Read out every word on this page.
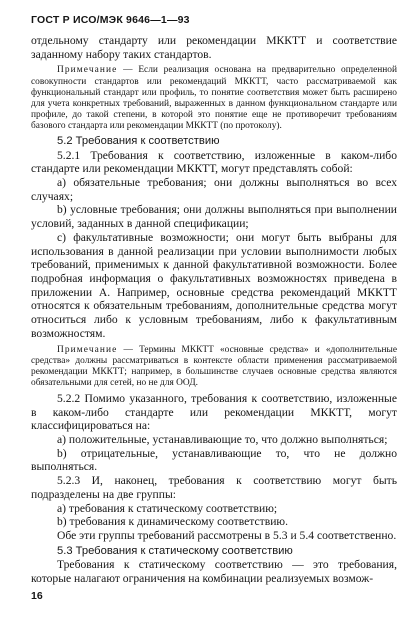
ГОСТ Р ИСО/МЭК 9646—1—93

отдельному стандарту или рекомендации МККТТ и соответствие заданному набору таких стандартов.

Примечание — Если реализация основана на предварительно определенной совокупности стандартов или рекомендаций МККТТ, часто рассматриваемой как функциональный стандарт или профиль, то понятие соответствия может быть расширено для учета конкретных требований, выраженных в данном функциональном стандарте или профиле, до такой степени, в которой это понятие еще не противоречит требованиям базового стандарта или рекомендации МККТТ (по протоколу).

5.2 Требования к соответствию

5.2.1 Требования к соответствию, изложенные в каком-либо стандарте или рекомендации МККТТ, могут представлять собой:

а) обязательные требования; они должны выполняться во всех случаях;

b) условные требования; они должны выполняться при выполнении условий, заданных в данной спецификации;

с) факультативные возможности; они могут быть выбраны для использования в данной реализации при условии выполнимости любых требований, применимых к данной факультативной возможности. Более подробная информация о факультативных возможностях приведена в приложении А. Например, основные средства рекомендаций МККТТ относятся к обязательным требованиям, дополнительные средства могут относиться либо к условным требованиям, либо к факультативным возможностям.

Примечание — Термины МККТТ «основные средства» и «дополнительные средства» должны рассматриваться в контексте области применения рассматриваемой рекомендации МККТТ; например, в большинстве случаев основные средства являются обязательными для сетей, но не для ООД.

5.2.2 Помимо указанного, требования к соответствию, изложенные в каком-либо стандарте или рекомендации МККТТ, могут классифицироваться на:

а) положительные, устанавливающие то, что должно выполняться;

b) отрицательные, устанавливающие то, что не должно выполняться.

5.2.3 И, наконец, требования к соответствию могут быть подразделены на две группы:

а) требования к статическому соответствию;

b) требования к динамическому соответствию.

Обе эти группы требований рассмотрены в 5.3 и 5.4 соответственно.

5.3 Требования к статическому соответствию

Требования к статическому соответствию — это требования, которые налагают ограничения на комбинации реализуемых возмож-

16
